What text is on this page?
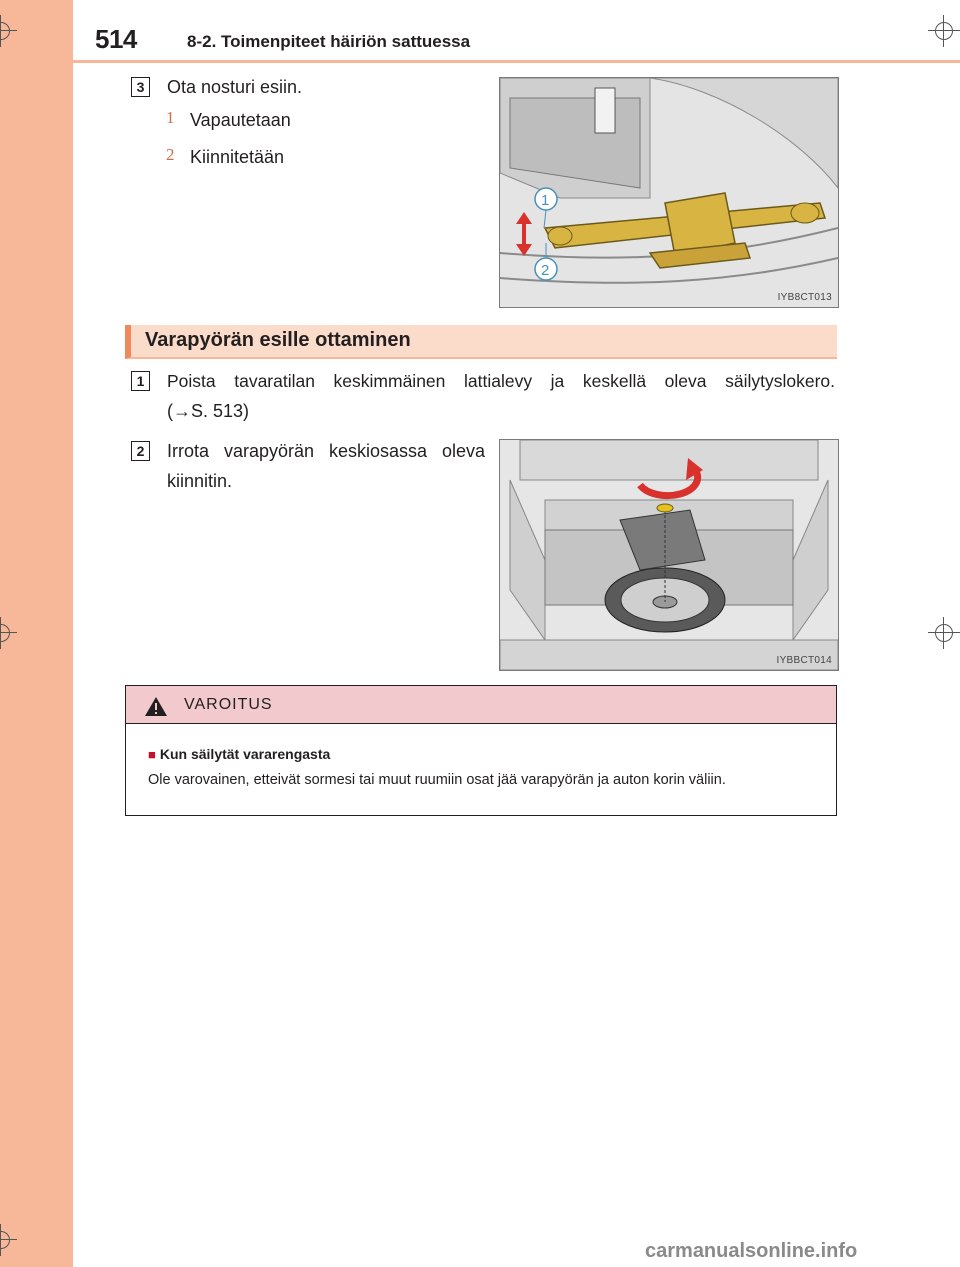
514	8-2. Toimenpiteet häiriön sattuessa
3	Ota nosturi esiin.
1 Vapautetaan
2 Kiinnitetään
1
2
IYB8CT013
Varapyörän esille ottaminen
1	Poista tavaratilan keskimmäinen lattialevy ja keskellä oleva säilytyslokero.
(→S. 513)
2	Irrota varapyörän keskiosassa oleva
kiinnitin.
IYBBCT014
VAROITUS
■ Kun säilytät vararengasta
Ole varovainen, etteivät sormesi tai muut ruumiin osat jää varapyörän ja auton korin väliin.
carmanualsonline.info
